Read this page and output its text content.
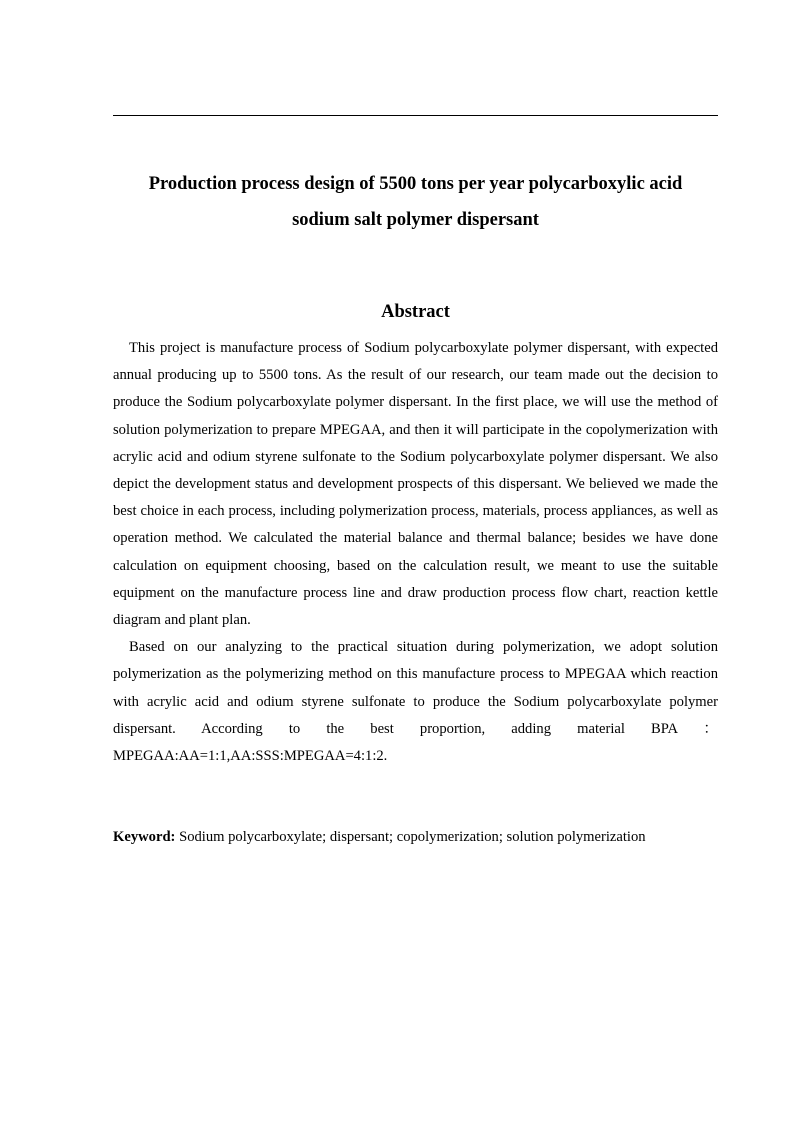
Production process design of 5500 tons per year polycarboxylic acid
sodium salt polymer dispersant
Abstract

This project is manufacture process of Sodium polycarboxylate polymer dispersant, with expected annual producing up to 5500 tons. As the result of our research, our team made out the decision to produce the Sodium polycarboxylate polymer dispersant. In the first place, we will use the method of solution polymerization to prepare MPEGAA, and then it will participate in the copolymerization with acrylic acid and odium styrene sulfonate to the Sodium polycarboxylate polymer dispersant. We also depict the development status and development prospects of this dispersant. We believed we made the best choice in each process, including polymerization process, materials, process appliances, as well as operation method. We calculated the material balance and thermal balance; besides we have done calculation on equipment choosing, based on the calculation result, we meant to use the suitable equipment on the manufacture process line and draw production process flow chart, reaction kettle diagram and plant plan.

Based on our analyzing to the practical situation during polymerization, we adopt solution polymerization as the polymerizing method on this manufacture process to MPEGAA which reaction with acrylic acid and odium styrene sulfonate to produce the Sodium polycarboxylate polymer dispersant. According to the best proportion, adding material BPA ： MPEGAA:AA=1:1,AA:SSS:MPEGAA=4:1:2.

Keyword: Sodium polycarboxylate; dispersant; copolymerization; solution polymerization
